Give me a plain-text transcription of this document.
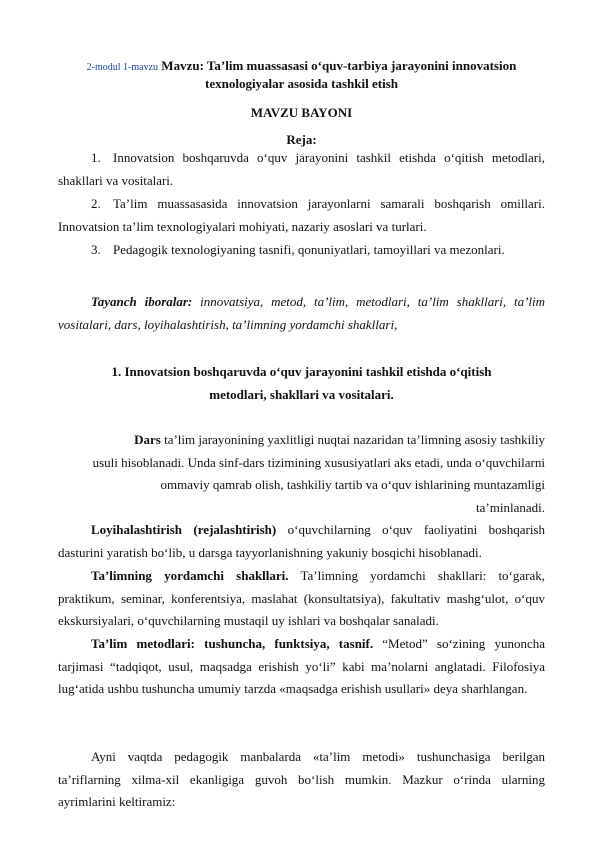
2-modul 1-mavzu Mavzu: Ta’lim muassasasi o‘quv-tarbiya jarayonini innovatsion
texnologiyalar asosida tashkil etish
MAVZU BAYONI
Reja:
1. Innovatsion boshqaruvda o‘quv jarayonini tashkil etishda o‘qitish metodlari, shakllari va vositalari.
2. Ta’lim muassasasida innovatsion jarayonlarni samarali boshqarish omillari. Innovatsion ta’lim texnologiyalari mohiyati, nazariy asoslari va turlari.
3. Pedagogik texnologiyaning tasnifi, qonuniyatlari, tamoyillari va mezonlari.
Tayanch iboralar: innovatsiya, metod, ta’lim, metodlari, ta’lim shakllari, ta’lim vositalari, dars, loyihalashtirish, ta’limning yordamchi shakllari,
1. Innovatsion boshqaruvda o‘quv jarayonini tashkil etishda o‘qitish
metodlari, shakllari va vositalari.
Dars ta’lim jarayonining yaxlitligi nuqtai nazaridan ta’limning asosiy tashkiliy
usuli hisoblanadi. Unda sinf-dars tizimining xususiyatlari aks etadi, unda o‘quvchilarni
ommaviy qamrab olish, tashkiliy tartib va o‘quv ishlarining muntazamligi
ta’minlanadi.
Loyihalashtirish (rejalashtirish) o‘quvchilarning o‘quv faoliyatini boshqarish dasturini yaratish bo‘lib, u darsga tayyorlanishning yakuniy bosqichi hisoblanadi.
Ta’limning yordamchi shakllari. Ta’limning yordamchi shakllari: to‘garak, praktikum, seminar, konferentsiya, maslahat (konsultatsiya), fakultativ mashg‘ulot, o‘quv ekskursiyalari, o‘quvchilarning mustaqil uy ishlari va boshqalar sanaladi.
Ta’lim metodlari: tushuncha, funktsiya, tasnif. “Metod” so‘zining yunoncha tarjimasi “tadqiqot, usul, maqsadga erishish yo‘li” kabi ma’nolarni anglatadi. Filofosiya lug‘atida ushbu tushuncha umumiy tarzda «maqsadga erishish usullari» deya sharhlangan.
Ayni vaqtda pedagogik manbalarda «ta’lim metodi» tushunchasiga berilgan ta’riflarning xilma-xil ekanligiga guvoh bo‘lish mumkin. Mazkur o‘rinda ularning ayrimlarini keltiramiz:
